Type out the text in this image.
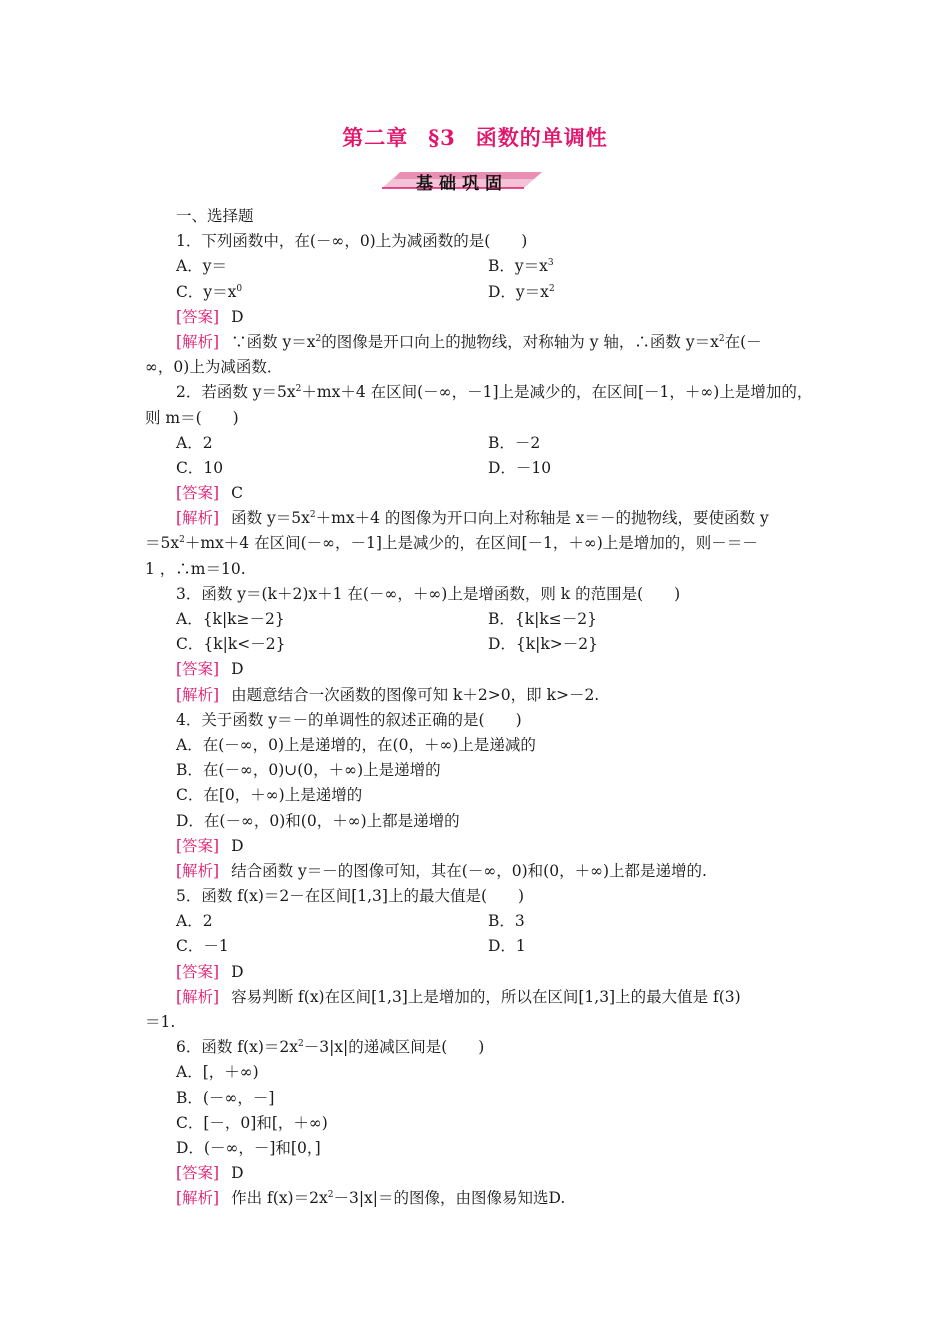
第二章 §3 函数的单调性
基础巩固
一、选择题
1．下列函数中，在(－∞，0)上为减函数的是(　　)
A．y＝	B．$y=x^3$
C．$y=x^0$	D．$y=x^2$
[答案] D
[解析] ∵函数 $y=x^2$的图像是开口向上的抛物线，对称轴为 y 轴，∴函数 $y=x^2$在(－
∞，0)上为减函数．
2．若函数 $y=5x^2+mx+4$ 在区间(－∞，－1]上是减少的，在区间[－1，＋∞)上是增加的，
则 m＝(　　)
A．2	B．－2
C．10	D．－10
[答案] C
[解析] 函数 $y=5x^2+mx+4$ 的图像为开口向上对称轴是 x＝－的抛物线，要使函数 y
$=5x^2+mx+4$ 在区间(－∞，－1]上是减少的，在区间[－1，＋∞)上是增加的，则－＝－
1 ，∴m＝10.
3．函数 y＝(k＋2)x＋1 在(－∞，＋∞)上是增函数，则 k 的范围是(　　)
A．{k|k≥－2}	B．{k|k≤－2}
C．{k|k<－2}	D．{k|k>－2}
[答案] D
[解析] 由题意结合一次函数的图像可知 k＋2>0，即 k>－2.
4．关于函数 y＝－的单调性的叙述正确的是(　　)
A．在(－∞，0)上是递增的，在(0，＋∞)上是递减的
B．在(－∞，0)∪(0，＋∞)上是递增的
C．在[0，＋∞)上是递增的
D．在(－∞，0)和(0，＋∞)上都是递增的
[答案] D
[解析] 结合函数 y＝－的图像可知，其在(－∞，0)和(0，＋∞)上都是递增的.
5．函数 f(x)＝2－在区间[1,3]上的最大值是(　　)
A．2	B．3
C．－1	D．1
[答案] D
[解析] 容易判断 f(x)在区间[1,3]上是增加的，所以在区间[1,3]上的最大值是 f(3)
＝1.
6．函数 $f(x)=2x^2-3|x|$的递减区间是(　　)
A．[，＋∞)
B．(－∞，－]
C．[－，0]和[，＋∞)
D．(－∞，－]和[0，]
[答案] D
[解析] 作出 $f(x)=2x^2-3|x|=$的图像，由图像易知选D.
